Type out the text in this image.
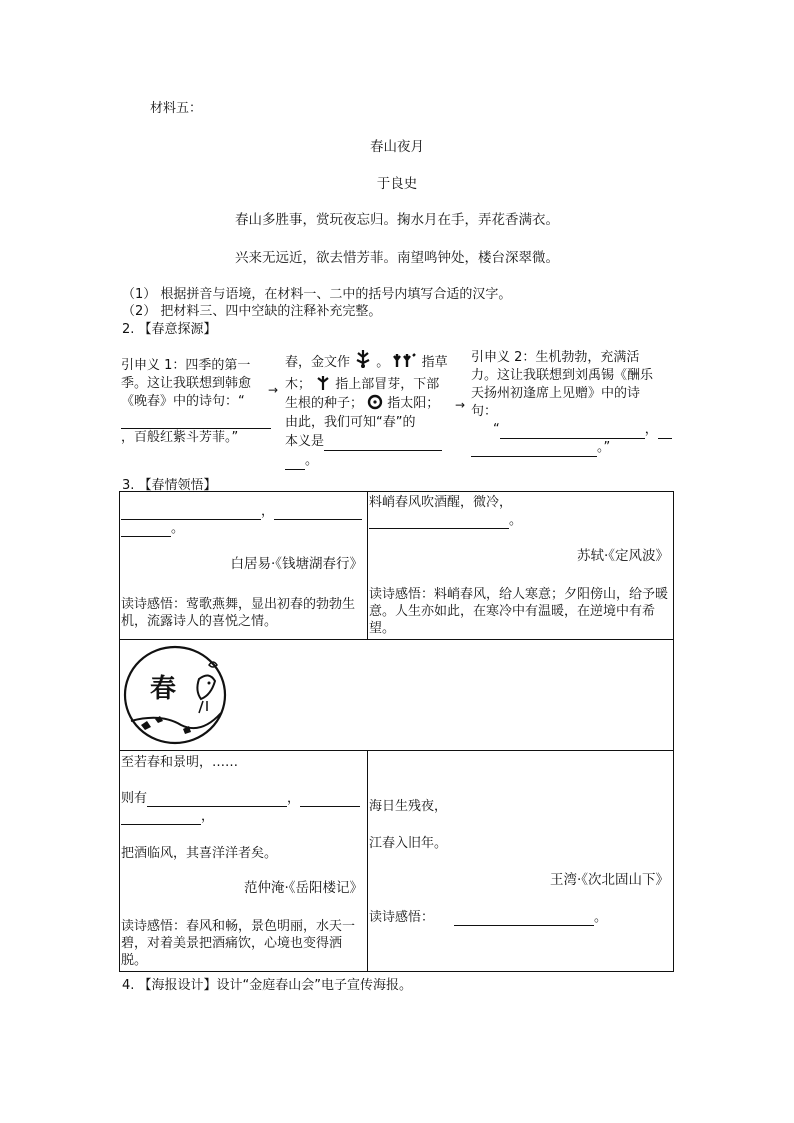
材料五：
春山夜月
于良史
春山多胜事，赏玩夜忘归。掬水月在手，弄花香满衣。
兴来无远近，欲去惜芳菲。南望鸣钟处，楼台深翠微。
（1） 根据拼音与语境，在材料一、二中的括号内填写合适的汉字。
（2） 把材料三、四中空缺的注释补充完整。
2. 【春意探源】
引申义 1：四季的第一
季。这让我联想到韩愈
《晚春》中的诗句：“
，百般红紫斗芳菲。”
→
春，金文作 。 指草
木； 指上部冒芽，下部
生根的种子； 指太阳；
由此，我们可知“春”的
本义是
。
→
引申义 2：生机勃勃，充满活
力。这让我联想到刘禹锡《酬乐
天扬州初逢席上见赠》中的诗
句：
“	，
。”
3. 【春情领悟】
，
。
白居易·《钱塘湖春行》
读诗感悟：莺歌燕舞，显出初春的勃勃生机，流露诗人的喜悦之情。
料峭春风吹酒醒，微冷，
。
苏轼·《定风波》
读诗感悟：料峭春风，给人寒意；夕阳傍山，给予暖意。人生亦如此，在寒冷中有温暖，在逆境中有希望。
春
至若春和景明，……
则有	，
，
把酒临风，其喜洋洋者矣。
范仲淹·《岳阳楼记》
读诗感悟：春风和畅，景色明丽，水天一碧，对着美景把酒痛饮，心境也变得洒脱。
海日生残夜，
江春入旧年。
王湾·《次北固山下》
读诗感悟：	。
4. 【海报设计】设计“金庭春山会”电子宣传海报。
